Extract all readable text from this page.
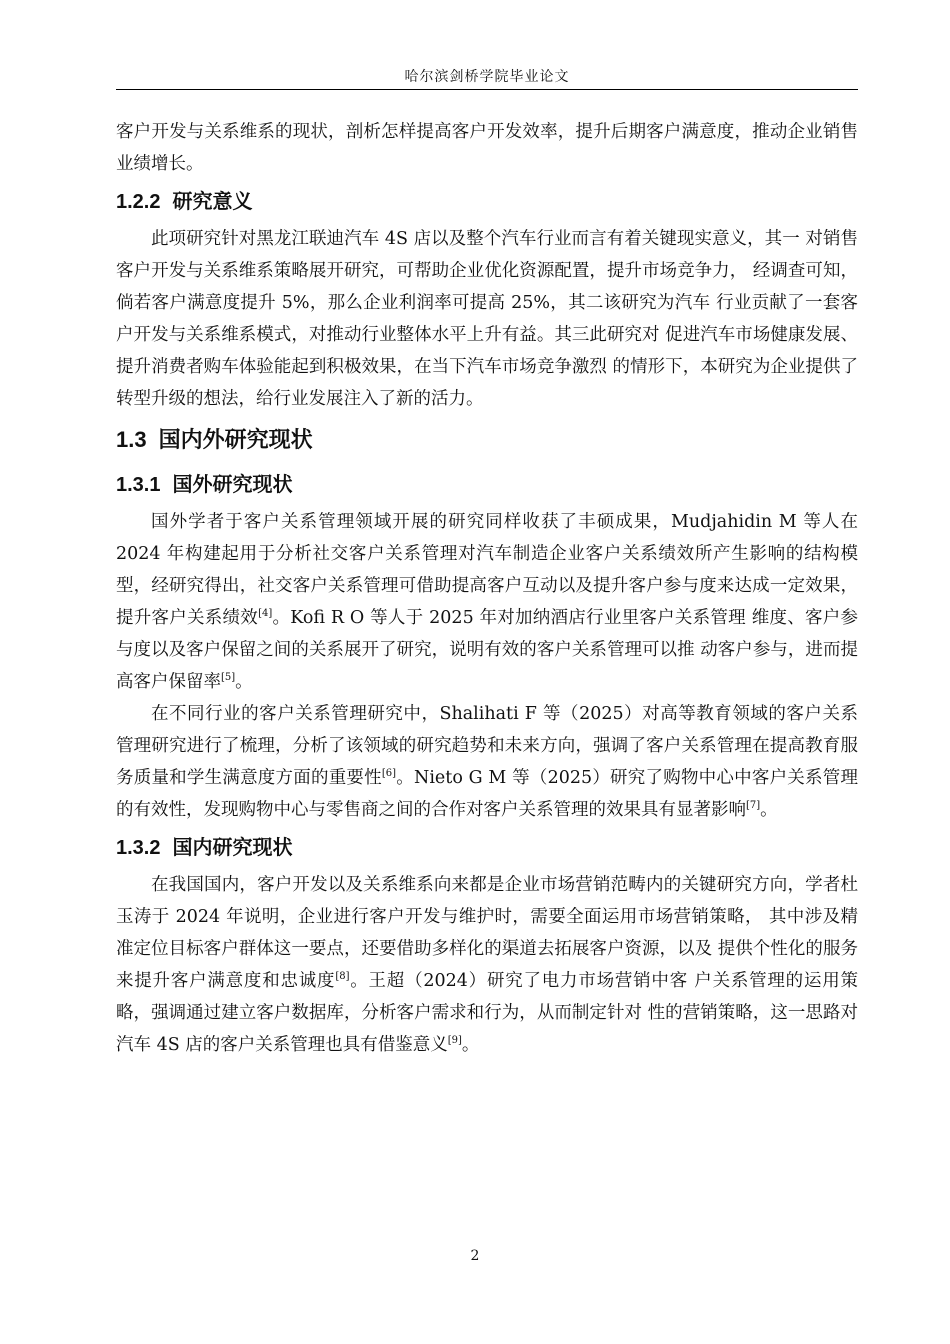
哈尔滨剑桥学院毕业论文

客户开发与关系维系的现状，剖析怎样提高客户开发效率，提升后期客户满意度，推动企业销售业绩增长。

1.2.2 研究意义

此项研究针对黑龙江联迪汽车 4S 店以及整个汽车行业而言有着关键现实意义，其一 对销售客户开发与关系维系策略展开研究，可帮助企业优化资源配置，提升市场竞争力， 经调查可知，倘若客户满意度提升 5%，那么企业利润率可提高 25%，其二该研究为汽车 行业贡献了一套客户开发与关系维系模式，对推动行业整体水平上升有益。其三此研究对 促进汽车市场健康发展、提升消费者购车体验能起到积极效果，在当下汽车市场竞争激烈 的情形下，本研究为企业提供了转型升级的想法，给行业发展注入了新的活力。

1.3 国内外研究现状
1.3.1 国外研究现状

国外学者于客户关系管理领域开展的研究同样收获了丰硕成果，Mudjahidin M 等人在 2024 年构建起用于分析社交客户关系管理对汽车制造企业客户关系绩效所产生影响的结构模型，经研究得出，社交客户关系管理可借助提高客户互动以及提升客户参与度来达成一定效果，提升客户关系绩效[4]。Kofi R O 等人于 2025 年对加纳酒店行业里客户关系管理 维度、客户参与度以及客户保留之间的关系展开了研究，说明有效的客户关系管理可以推 动客户参与，进而提高客户保留率[5]。

在不同行业的客户关系管理研究中，Shalihati F 等（2025）对高等教育领域的客户关系管理研究进行了梳理，分析了该领域的研究趋势和未来方向，强调了客户关系管理在提高教育服务质量和学生满意度方面的重要性[6]。Nieto G M 等（2025）研究了购物中心中客户关系管理的有效性，发现购物中心与零售商之间的合作对客户关系管理的效果具有显著影响[7]。

1.3.2 国内研究现状

在我国国内，客户开发以及关系维系向来都是企业市场营销范畴内的关键研究方向，学者杜玉涛于 2024 年说明，企业进行客户开发与维护时，需要全面运用市场营销策略， 其中涉及精准定位目标客户群体这一要点，还要借助多样化的渠道去拓展客户资源，以及 提供个性化的服务来提升客户满意度和忠诚度[8]。王超（2024）研究了电力市场营销中客 户关系管理的运用策略，强调通过建立客户数据库，分析客户需求和行为，从而制定针对 性的营销策略，这一思路对汽车 4S 店的客户关系管理也具有借鉴意义[9]。

2
